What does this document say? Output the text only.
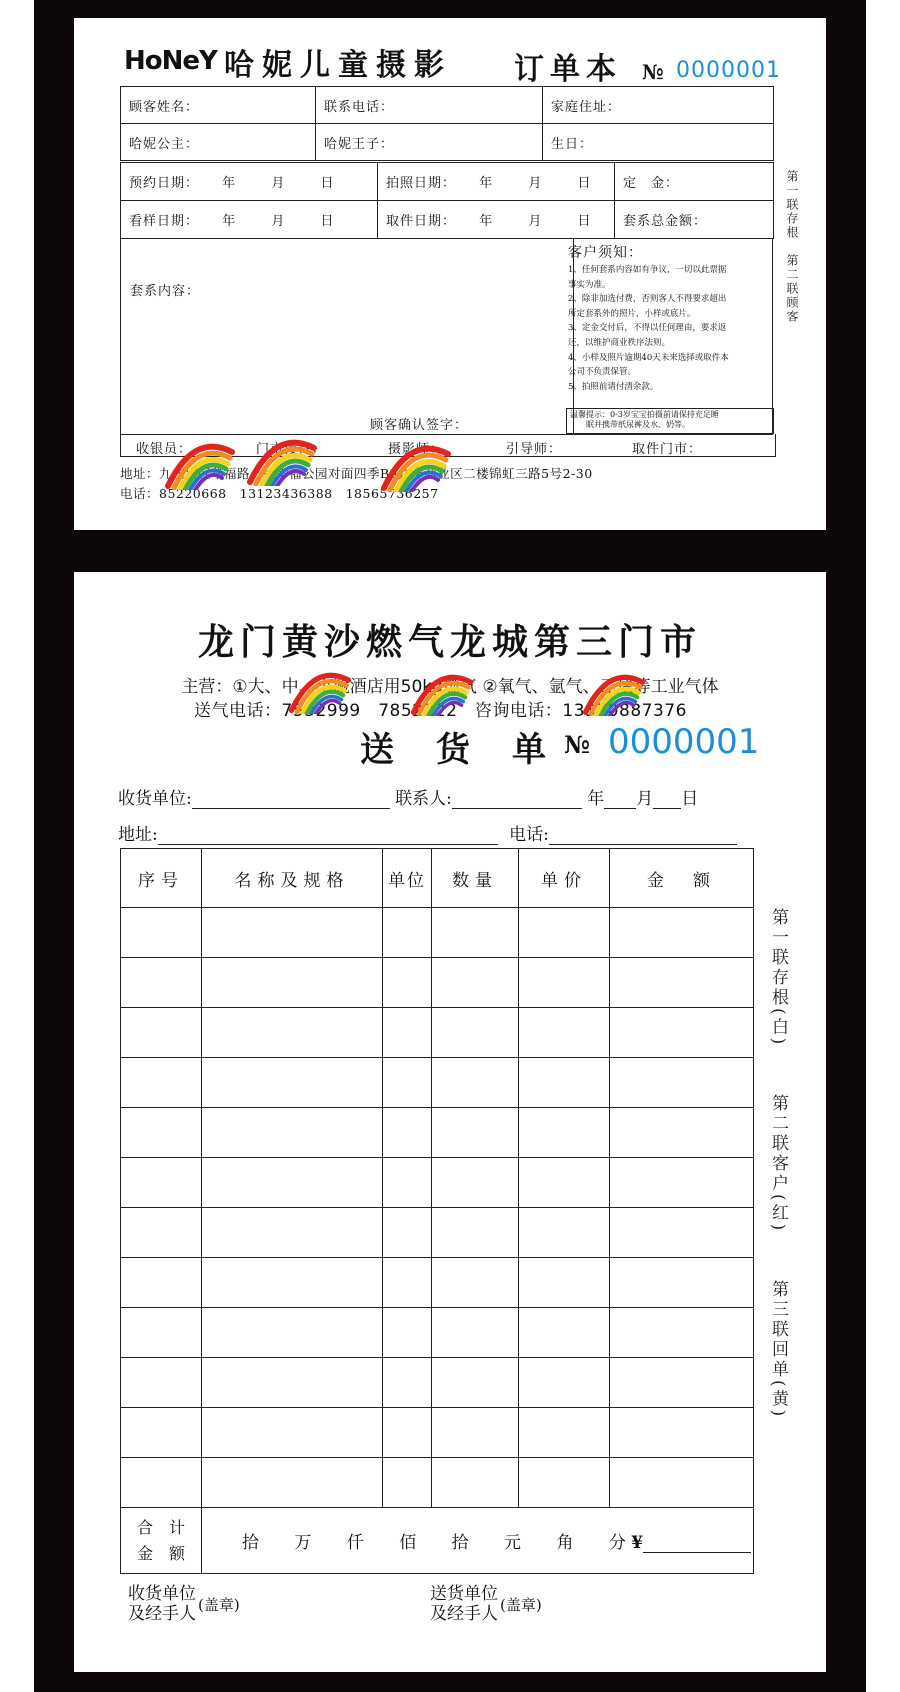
HoNeY 哈妮儿童摄影 订单本 № 0000001
顾客姓名：	联系电话：	家庭住址：
哈妮公主：	哈妮王子：	生日：
预约日期： 年 月 日	拍照日期： 年 月 日	定　金：
看样日期： 年 月 日	取件日期： 年 月 日	套系总金额：
套系内容：
顾客确认签字：
客户须知：
1、任何套系内容如有争议，一切以此票据
事实为准。
2、除非加选付费，否则客人不得要求超出
所定套系外的照片，小样或底片。
3、定金交付后，不得以任何理由，要求返
还，以维护商业秩序法则。
4、小样及照片逾期40天未来选择或取件本
公司不负责保管。
5、拍照前请付清余款。
温馨提示：0-3岁宝宝拍摄前请保持充足睡
眠并携带纸尿裤及水、奶等。
收银员：	门市接待：	摄影师：	引导师：	取件门市：
地址：九龙坡区华福路一段幸福公园对面四季B3儿童商业区二楼锦虹三路5号2-30
电话：85220668　13123436388　18565736257
第一联存根　第二联顾客
龙门黄沙燃气龙城第三门市
主营：①大、中、小瓶酒店用50kg燃气 ②氧气、氩气、乙炔等工业气体
送气电话：7532999　7852222　咨询电话：13370887376
送　货　单 № 0000001
收货单位:	联系人:	年 月 日
地址:	电话:
序号	名称及规格	单位	数量	单价	金　额

合　计
金　额	拾 万 仟 佰 拾 元 角 分 ¥				
收货单位
及经手人 (盖章)
送货单位
及经手人 (盖章)
第一联存根(白)
第二联客户(红)
第三联回单(黄)
